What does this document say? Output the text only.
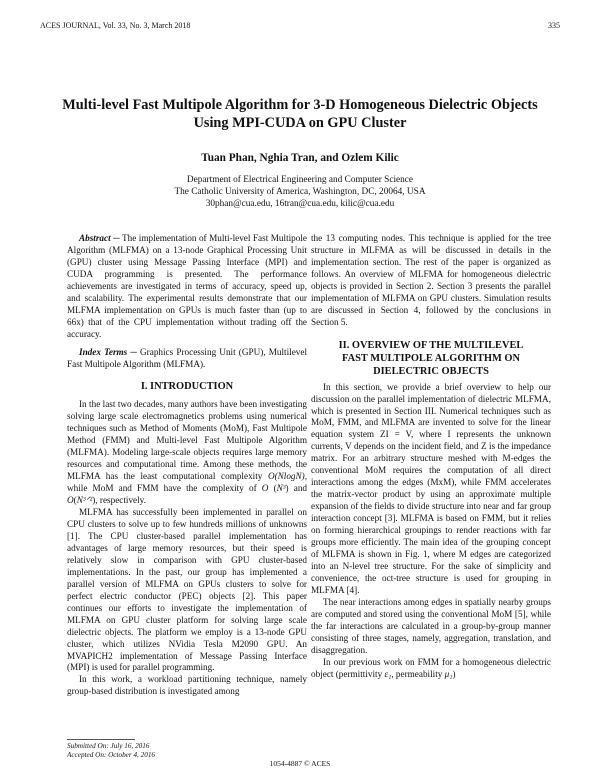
ACES JOURNAL, Vol. 33, No. 3, March 2018	335
Multi-level Fast Multipole Algorithm for 3-D Homogeneous Dielectric Objects Using MPI-CUDA on GPU Cluster
Tuan Phan, Nghia Tran, and Ozlem Kilic
Department of Electrical Engineering and Computer Science
The Catholic University of America, Washington, DC, 20064, USA
30phan@cua.edu, 16tran@cua.edu, kilic@cua.edu

Abstract ─ The implementation of Multi-level Fast Multipole Algorithm (MLFMA) on a 13-node Graphical Processing Unit (GPU) cluster using Message Passing Interface (MPI) and CUDA programming is presented. The performance achievements are investigated in terms of accuracy, speed up, and scalability. The experimental results demonstrate that our MLFMA implementation on GPUs is much faster than (up to 66x) that of the CPU implementation without trading off the accuracy.

Index Terms ─ Graphics Processing Unit (GPU), Multilevel Fast Multipole Algorithm (MLFMA).

I. INTRODUCTION

In the last two decades, many authors have been investigating solving large scale electromagnetics problems using numerical techniques such as Method of Moments (MoM), Fast Multipole Method (FMM) and Multi-level Fast Multipole Algorithm (MLFMA). Modeling large-scale objects requires large memory resources and computational time. Among these methods, the MLFMA has the least computational complexity O(NlogN), while MoM and FMM have the complexity of O (N³) and O(N³ᐟ²), respectively.

MLFMA has successfully been implemented in parallel on CPU clusters to solve up to few hundreds millions of unknowns [1]. The CPU cluster-based parallel implementation has advantages of large memory resources, but their speed is relatively slow in comparison with GPU cluster-based implementations. In the past, our group has implemented a parallel version of MLFMA on GPUs clusters to solve for perfect electric conductor (PEC) objects [2]. This paper continues our efforts to investigate the implementation of MLFMA on GPU cluster platform for solving large scale dielectric objects. The platform we employ is a 13-node GPU cluster, which utilizes NVidia Tesla M2090 GPU. An MVAPICH2 implementation of Message Passing Interface (MPI) is used for parallel programming.

In this work, a workload partitioning technique, namely group-based distribution is investigated among

the 13 computing nodes. This technique is applied for the tree structure in MLFMA as will be discussed in details in the implementation section. The rest of the paper is organized as follows. An overview of MLFMA for homogeneous dielectric objects is provided in Section 2. Section 3 presents the parallel implementation of MLFMA on GPU clusters. Simulation results are discussed in Section 4, followed by the conclusions in Section 5.

II. OVERVIEW OF THE MULTILEVEL
FAST MULTIPOLE ALGORITHM ON
DIELECTRIC OBJECTS

In this section, we provide a brief overview to help our discussion on the parallel implementation of dielectric MLFMA, which is presented in Section III. Numerical techniques such as MoM, FMM, and MLFMA are invented to solve for the linear equation system ZI = V, where I represents the unknown currents, V depends on the incident field, and Z is the impedance matrix. For an arbitrary structure meshed with M-edges the conventional MoM requires the computation of all direct interactions among the edges (MxM), while FMM accelerates the matrix-vector product by using an approximate multiple expansion of the fields to divide structure into near and far group interaction concept [3]. MLFMA is based on FMM, but it relies on forming hierarchical groupings to render reactions with far groups more efficiently. The main idea of the grouping concept of MLFMA is shown in Fig. 1, where M edges are categorized into an N-level tree structure. For the sake of simplicity and convenience, the oct-tree structure is used for grouping in MLFMA [4].

The near interactions among edges in spatially nearby groups are computed and stored using the conventional MoM [5], while the far interactions are calculated in a group-by-group manner consisting of three stages, namely, aggregation, translation, and disaggregation.

In our previous work on FMM for a homogeneous dielectric object (permittivity ε₁, permeability μ₁)

Submitted On: July 16, 2016
Accepted On: October 4, 2016
1054-4887 © ACES
